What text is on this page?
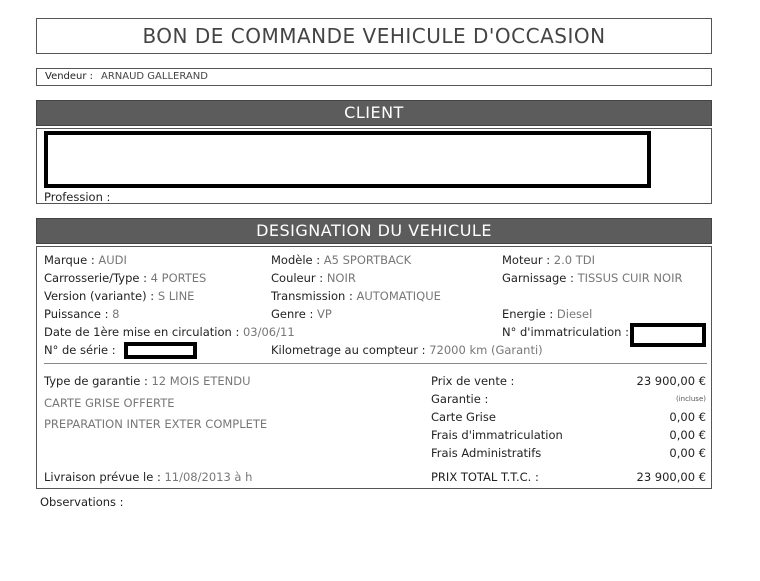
BON DE COMMANDE VEHICULE D'OCCASION
Vendeur : ARNAUD GALLERAND
CLIENT
Profession :
DESIGNATION DU VEHICULE
Marque : AUDI	Modèle : A5 SPORTBACK	Moteur : 2.0 TDI
Carrosserie/Type : 4 PORTES	Couleur : NOIR	Garnissage : TISSUS CUIR NOIR
Version (variante) : S LINE	Transmission : AUTOMATIQUE
Puissance : 8	Genre : VP	Energie : Diesel
Date de 1ère mise en circulation : 03/06/11	N° d'immatriculation :
N° de série :	Kilometrage au compteur : 72000 km (Garanti)
Type de garantie : 12 MOIS ETENDU
CARTE GRISE OFFERTE
PREPARATION INTER EXTER COMPLETE
Livraison prévue le : 11/08/2013 à h
Prix de vente :	23 900,00 €
Garantie :	(incluse)
Carte Grise	0,00 €
Frais d'immatriculation	0,00 €
Frais Administratifs	0,00 €
PRIX TOTAL T.T.C. :	23 900,00 €
Observations :
